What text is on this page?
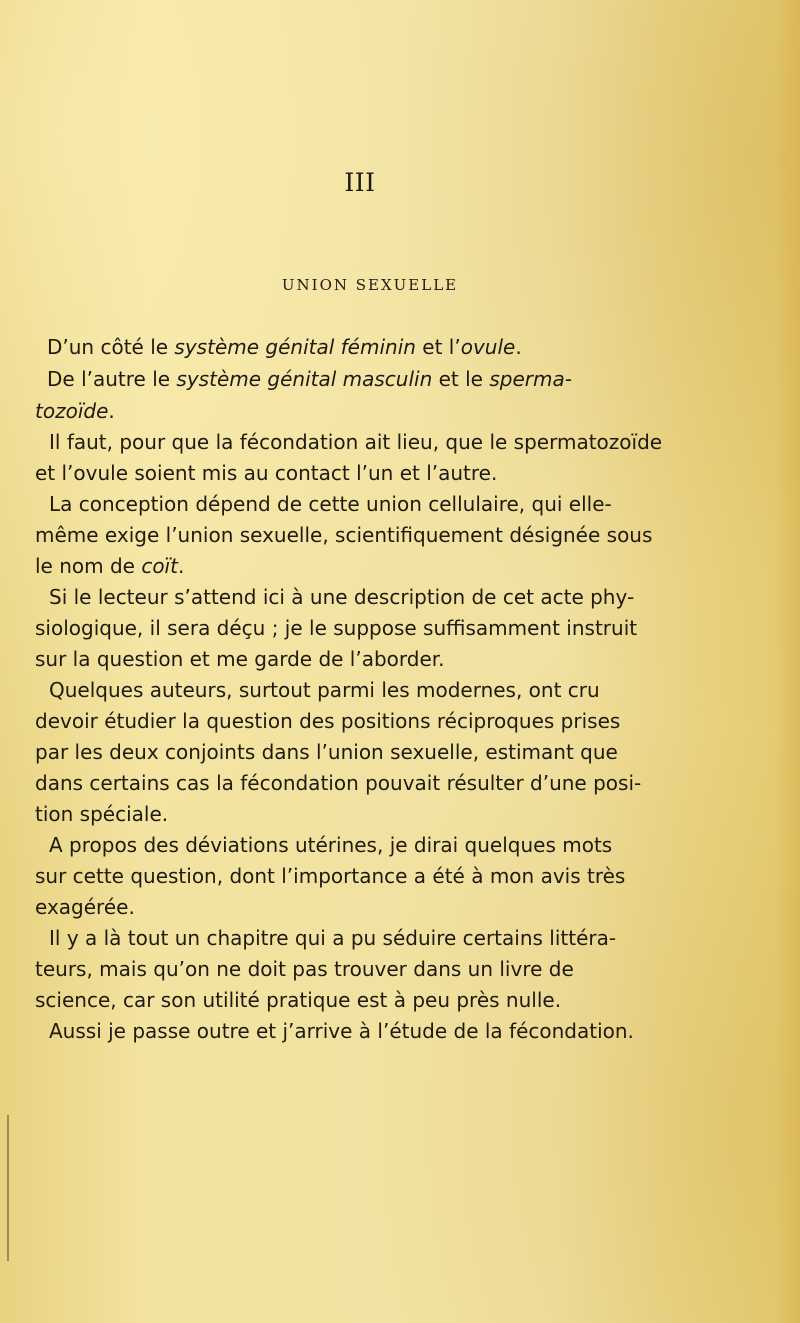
III
UNION SEXUELLE
D’un côté le système génital féminin et l’ovule.
De l’autre le système génital masculin et le sperma-
tozoïde.
Il faut, pour que la fécondation ait lieu, que le spermatozoïde
et l’ovule soient mis au contact l’un et l’autre.
La conception dépend de cette union cellulaire, qui elle-
même exige l’union sexuelle, scientifiquement désignée sous
le nom de coït.
Si le lecteur s’attend ici à une description de cet acte phy-
siologique, il sera déçu ; je le suppose suffisamment instruit
sur la question et me garde de l’aborder.
Quelques auteurs, surtout parmi les modernes, ont cru
devoir étudier la question des positions réciproques prises
par les deux conjoints dans l’union sexuelle, estimant que
dans certains cas la fécondation pouvait résulter d’une posi-
tion spéciale.
A propos des déviations utérines, je dirai quelques mots
sur cette question, dont l’importance a été à mon avis très
exagérée.
Il y a là tout un chapitre qui a pu séduire certains littéra-
teurs, mais qu’on ne doit pas trouver dans un livre de
science, car son utilité pratique est à peu près nulle.
Aussi je passe outre et j’arrive à l’étude de la fécondation.
